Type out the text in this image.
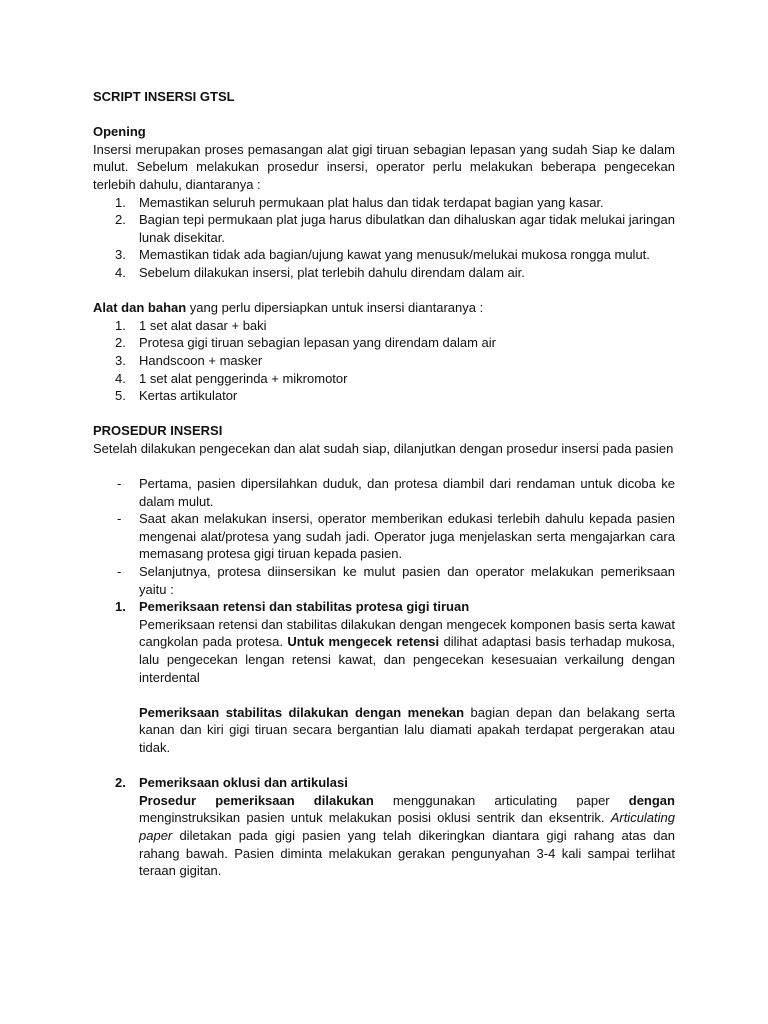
SCRIPT INSERSI GTSL

Opening

Insersi merupakan proses pemasangan alat gigi tiruan sebagian lepasan yang sudah Siap ke dalam mulut. Sebelum melakukan prosedur insersi, operator perlu melakukan beberapa pengecekan terlebih dahulu, diantaranya :

1. Memastikan seluruh permukaan plat halus dan tidak terdapat bagian yang kasar.
2. Bagian tepi permukaan plat juga harus dibulatkan dan dihaluskan agar tidak melukai jaringan lunak disekitar.
3. Memastikan tidak ada bagian/ujung kawat yang menusuk/melukai mukosa rongga mulut.
4. Sebelum dilakukan insersi, plat terlebih dahulu direndam dalam air.

Alat dan bahan yang perlu dipersiapkan untuk insersi diantaranya :

1. 1 set alat dasar + baki
2. Protesa gigi tiruan sebagian lepasan yang direndam dalam air
3. Handscoon + masker
4. 1 set alat penggerinda + mikromotor
5. Kertas artikulator

PROSEDUR INSERSI

Setelah dilakukan pengecekan dan alat sudah siap, dilanjutkan dengan prosedur insersi pada pasien

- Pertama, pasien dipersilahkan duduk, dan protesa diambil dari rendaman untuk dicoba ke dalam mulut.
- Saat akan melakukan insersi, operator memberikan edukasi terlebih dahulu kepada pasien mengenai alat/protesa yang sudah jadi. Operator juga menjelaskan serta mengajarkan cara memasang protesa gigi tiruan kepada pasien.
- Selanjutnya, protesa diinsersikan ke mulut pasien dan operator melakukan pemeriksaan yaitu :
1. Pemeriksaan retensi dan stabilitas protesa gigi tiruan

Pemeriksaan retensi dan stabilitas dilakukan dengan mengecek komponen basis serta kawat cangkolan pada protesa. Untuk mengecek retensi dilihat adaptasi basis terhadap mukosa, lalu pengecekan lengan retensi kawat, dan pengecekan kesesuaian verkailung dengan interdental

Pemeriksaan stabilitas dilakukan dengan menekan bagian depan dan belakang serta kanan dan kiri gigi tiruan secara bergantian lalu diamati apakah terdapat pergerakan atau tidak.

2. Pemeriksaan oklusi dan artikulasi

Prosedur pemeriksaan dilakukan menggunakan articulating paper dengan menginstruksikan pasien untuk melakukan posisi oklusi sentrik dan eksentrik. Articulating paper diletakan pada gigi pasien yang telah dikeringkan diantara gigi rahang atas dan rahang bawah. Pasien diminta melakukan gerakan pengunyahan 3-4 kali sampai terlihat teraan gigitan.
